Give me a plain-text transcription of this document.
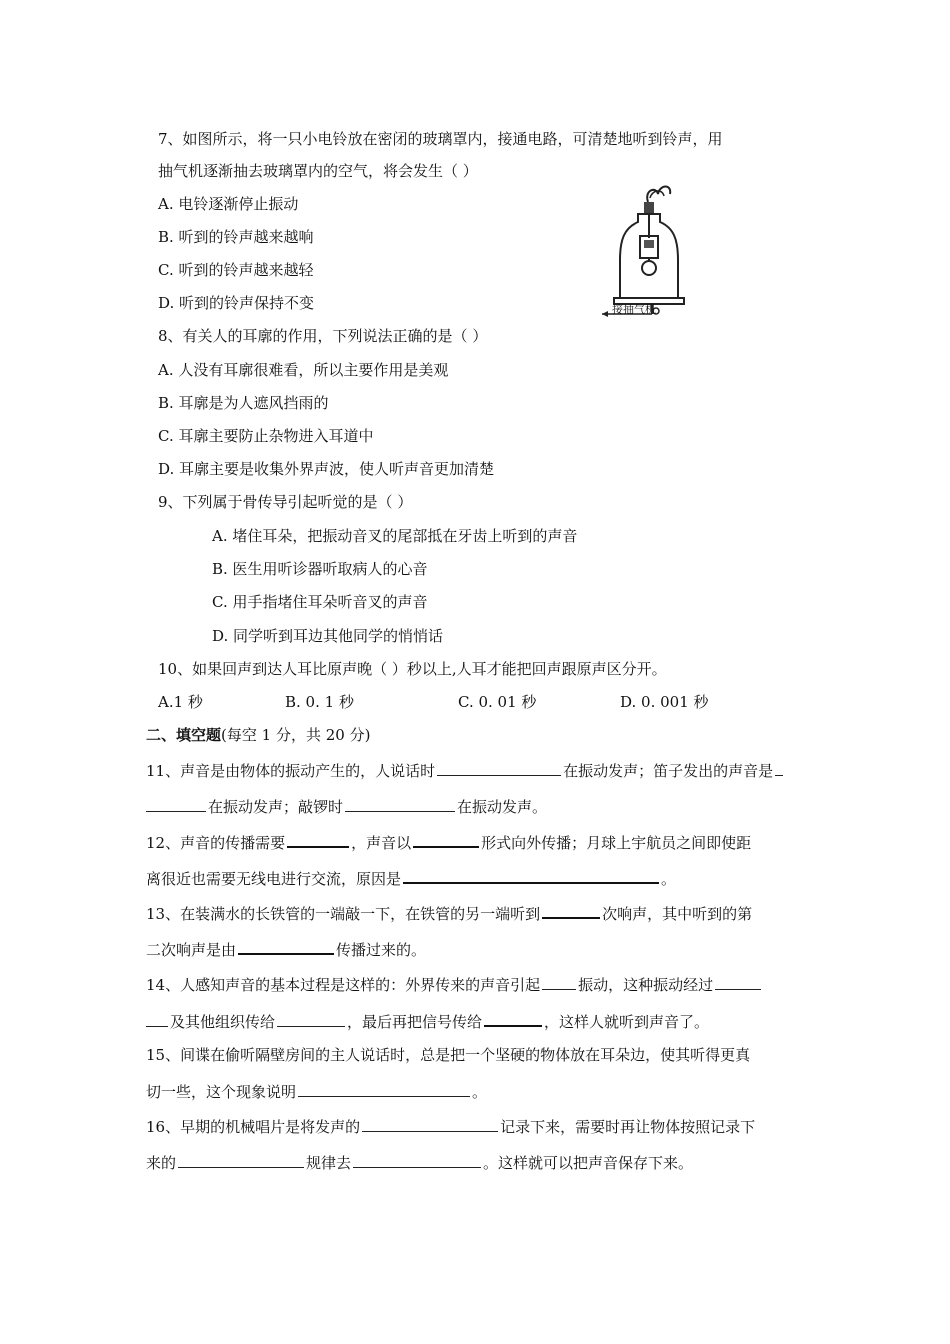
7、如图所示，将一只小电铃放在密闭的玻璃罩内，接通电路，可清楚地听到铃声，用
抽气机逐渐抽去玻璃罩内的空气，将会发生（ ）
A. 电铃逐渐停止振动
B. 听到的铃声越来越响
C. 听到的铃声越来越轻
D. 听到的铃声保持不变	接抽气机
8、有关人的耳廓的作用，下列说法正确的是（ ）
A. 人没有耳廓很难看，所以主要作用是美观
B. 耳廓是为人遮风挡雨的
C. 耳廓主要防止杂物进入耳道中
D. 耳廓主要是收集外界声波，使人听声音更加清楚
9、下列属于骨传导引起听觉的是（ ）
A. 堵住耳朵，把振动音叉的尾部抵在牙齿上听到的声音
B. 医生用听诊器听取病人的心音
C. 用手指堵住耳朵听音叉的声音
D. 同学听到耳边其他同学的悄悄话
10、如果回声到达人耳比原声晚（ ）秒以上,人耳才能把回声跟原声区分开。
A.1 秒	B. 0. 1 秒	C. 0. 01 秒	D. 0. 001 秒
二、填空题(每空 1 分，共 20 分)
11、声音是由物体的振动产生的，人说话时	在振动发声；笛子发出的声音是
在振动发声；敲锣时	在振动发声。
12、声音的传播需要	，声音以	形式向外传播；月球上宇航员之间即使距
离很近也需要无线电进行交流，原因是	。
13、在装满水的长铁管的一端敲一下，在铁管的另一端听到	次响声，其中听到的第
二次响声是由	传播过来的。
14、人感知声音的基本过程是这样的：外界传来的声音引起	振动，这种振动经过
及其他组织传给	，最后再把信号传给	，这样人就听到声音了。
15、间谍在偷听隔壁房间的主人说话时，总是把一个坚硬的物体放在耳朵边，使其听得更真
切一些，这个现象说明	。
16、早期的机械唱片是将发声的	记录下来，需要时再让物体按照记录下
来的	规律去	。这样就可以把声音保存下来。
